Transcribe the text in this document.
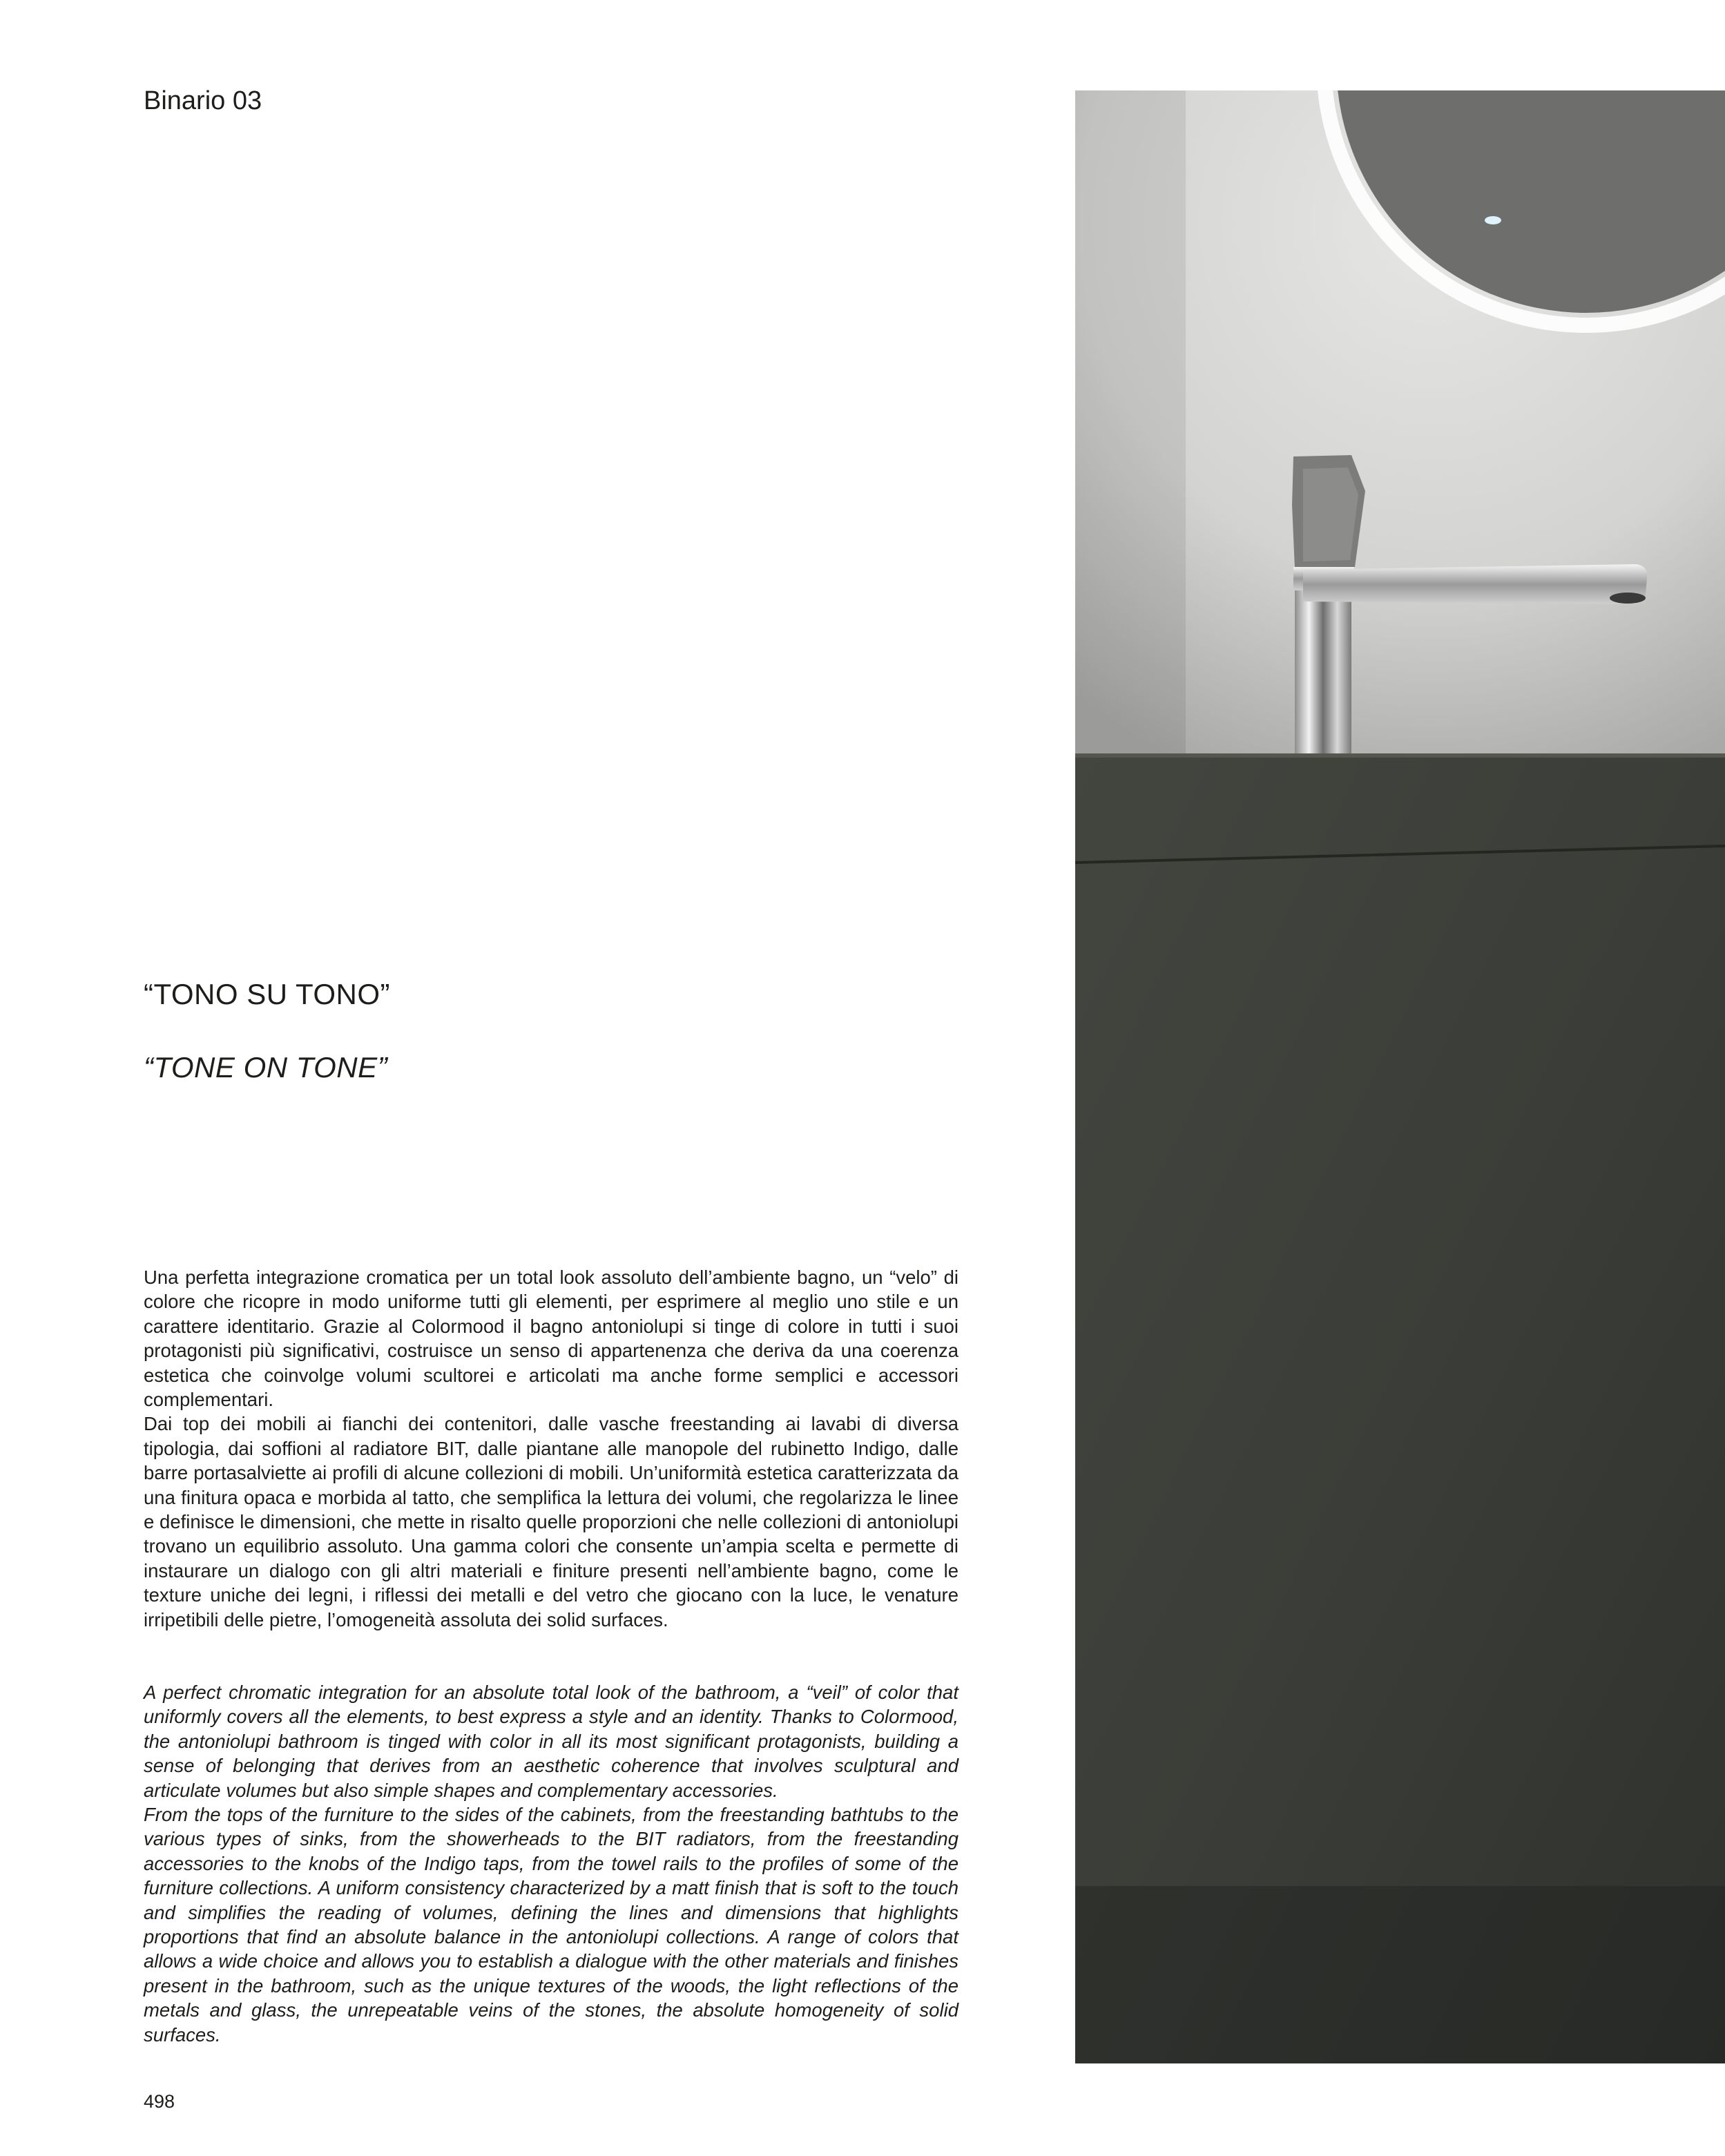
Binario 03
“TONO SU TONO”
“TONE ON TONE”

Una perfetta integrazione cromatica per un total look assoluto dell’ambiente bagno, un “velo” di colore che ricopre in modo uniforme tutti gli elementi, per esprimere al meglio uno stile e un carattere identitario. Grazie al Colormood il bagno antoniolupi si tinge di colore in tutti i suoi protagonisti più significativi, costruisce un senso di appartenenza che deriva da una coerenza estetica che coinvolge volumi scultorei e articolati ma anche forme semplici e accessori complementari.

Dai top dei mobili ai fianchi dei contenitori, dalle vasche freestanding ai lavabi di diversa tipologia, dai soffioni al radiatore BIT, dalle piantane alle manopole del rubinetto Indigo, dalle barre portasalviette ai profili di alcune collezioni di mobili. Un’uniformità estetica caratterizzata da una finitura opaca e morbida al tatto, che semplifica la lettura dei volumi, che regolarizza le linee e definisce le dimensioni, che mette in risalto quelle proporzioni che nelle collezioni di antoniolupi trovano un equilibrio assoluto. Una gamma colori che consente un’ampia scelta e permette di instaurare un dialogo con gli altri materiali e finiture presenti nell’ambiente bagno, come le texture uniche dei legni, i riflessi dei metalli e del vetro che giocano con la luce, le venature irripetibili delle pietre, l’omogeneità assoluta dei solid surfaces.

A perfect chromatic integration for an absolute total look of the bathroom, a “veil” of color that uniformly covers all the elements, to best express a style and an identity. Thanks to Colormood, the antoniolupi bathroom is tinged with color in all its most significant protagonists, building a sense of belonging that derives from an aesthetic coherence that involves sculptural and articulate volumes but also simple shapes and complementary accessories.

From the tops of the furniture to the sides of the cabinets, from the freestanding bathtubs to the various types of sinks, from the showerheads to the BIT radiators, from the freestanding accessories to the knobs of the Indigo taps, from the towel rails to the profiles of some of the furniture collections. A uniform consistency characterized by a matt finish that is soft to the touch and simplifies the reading of volumes, defining the lines and dimensions that highlights proportions that find an absolute balance in the antoniolupi collections. A range of colors that allows a wide choice and allows you to establish a dialogue with the other materials and finishes present in the bathroom, such as the unique textures of the woods, the light reflections of the metals and glass, the unrepeatable veins of the stones, the absolute homogeneity of solid surfaces.

498
